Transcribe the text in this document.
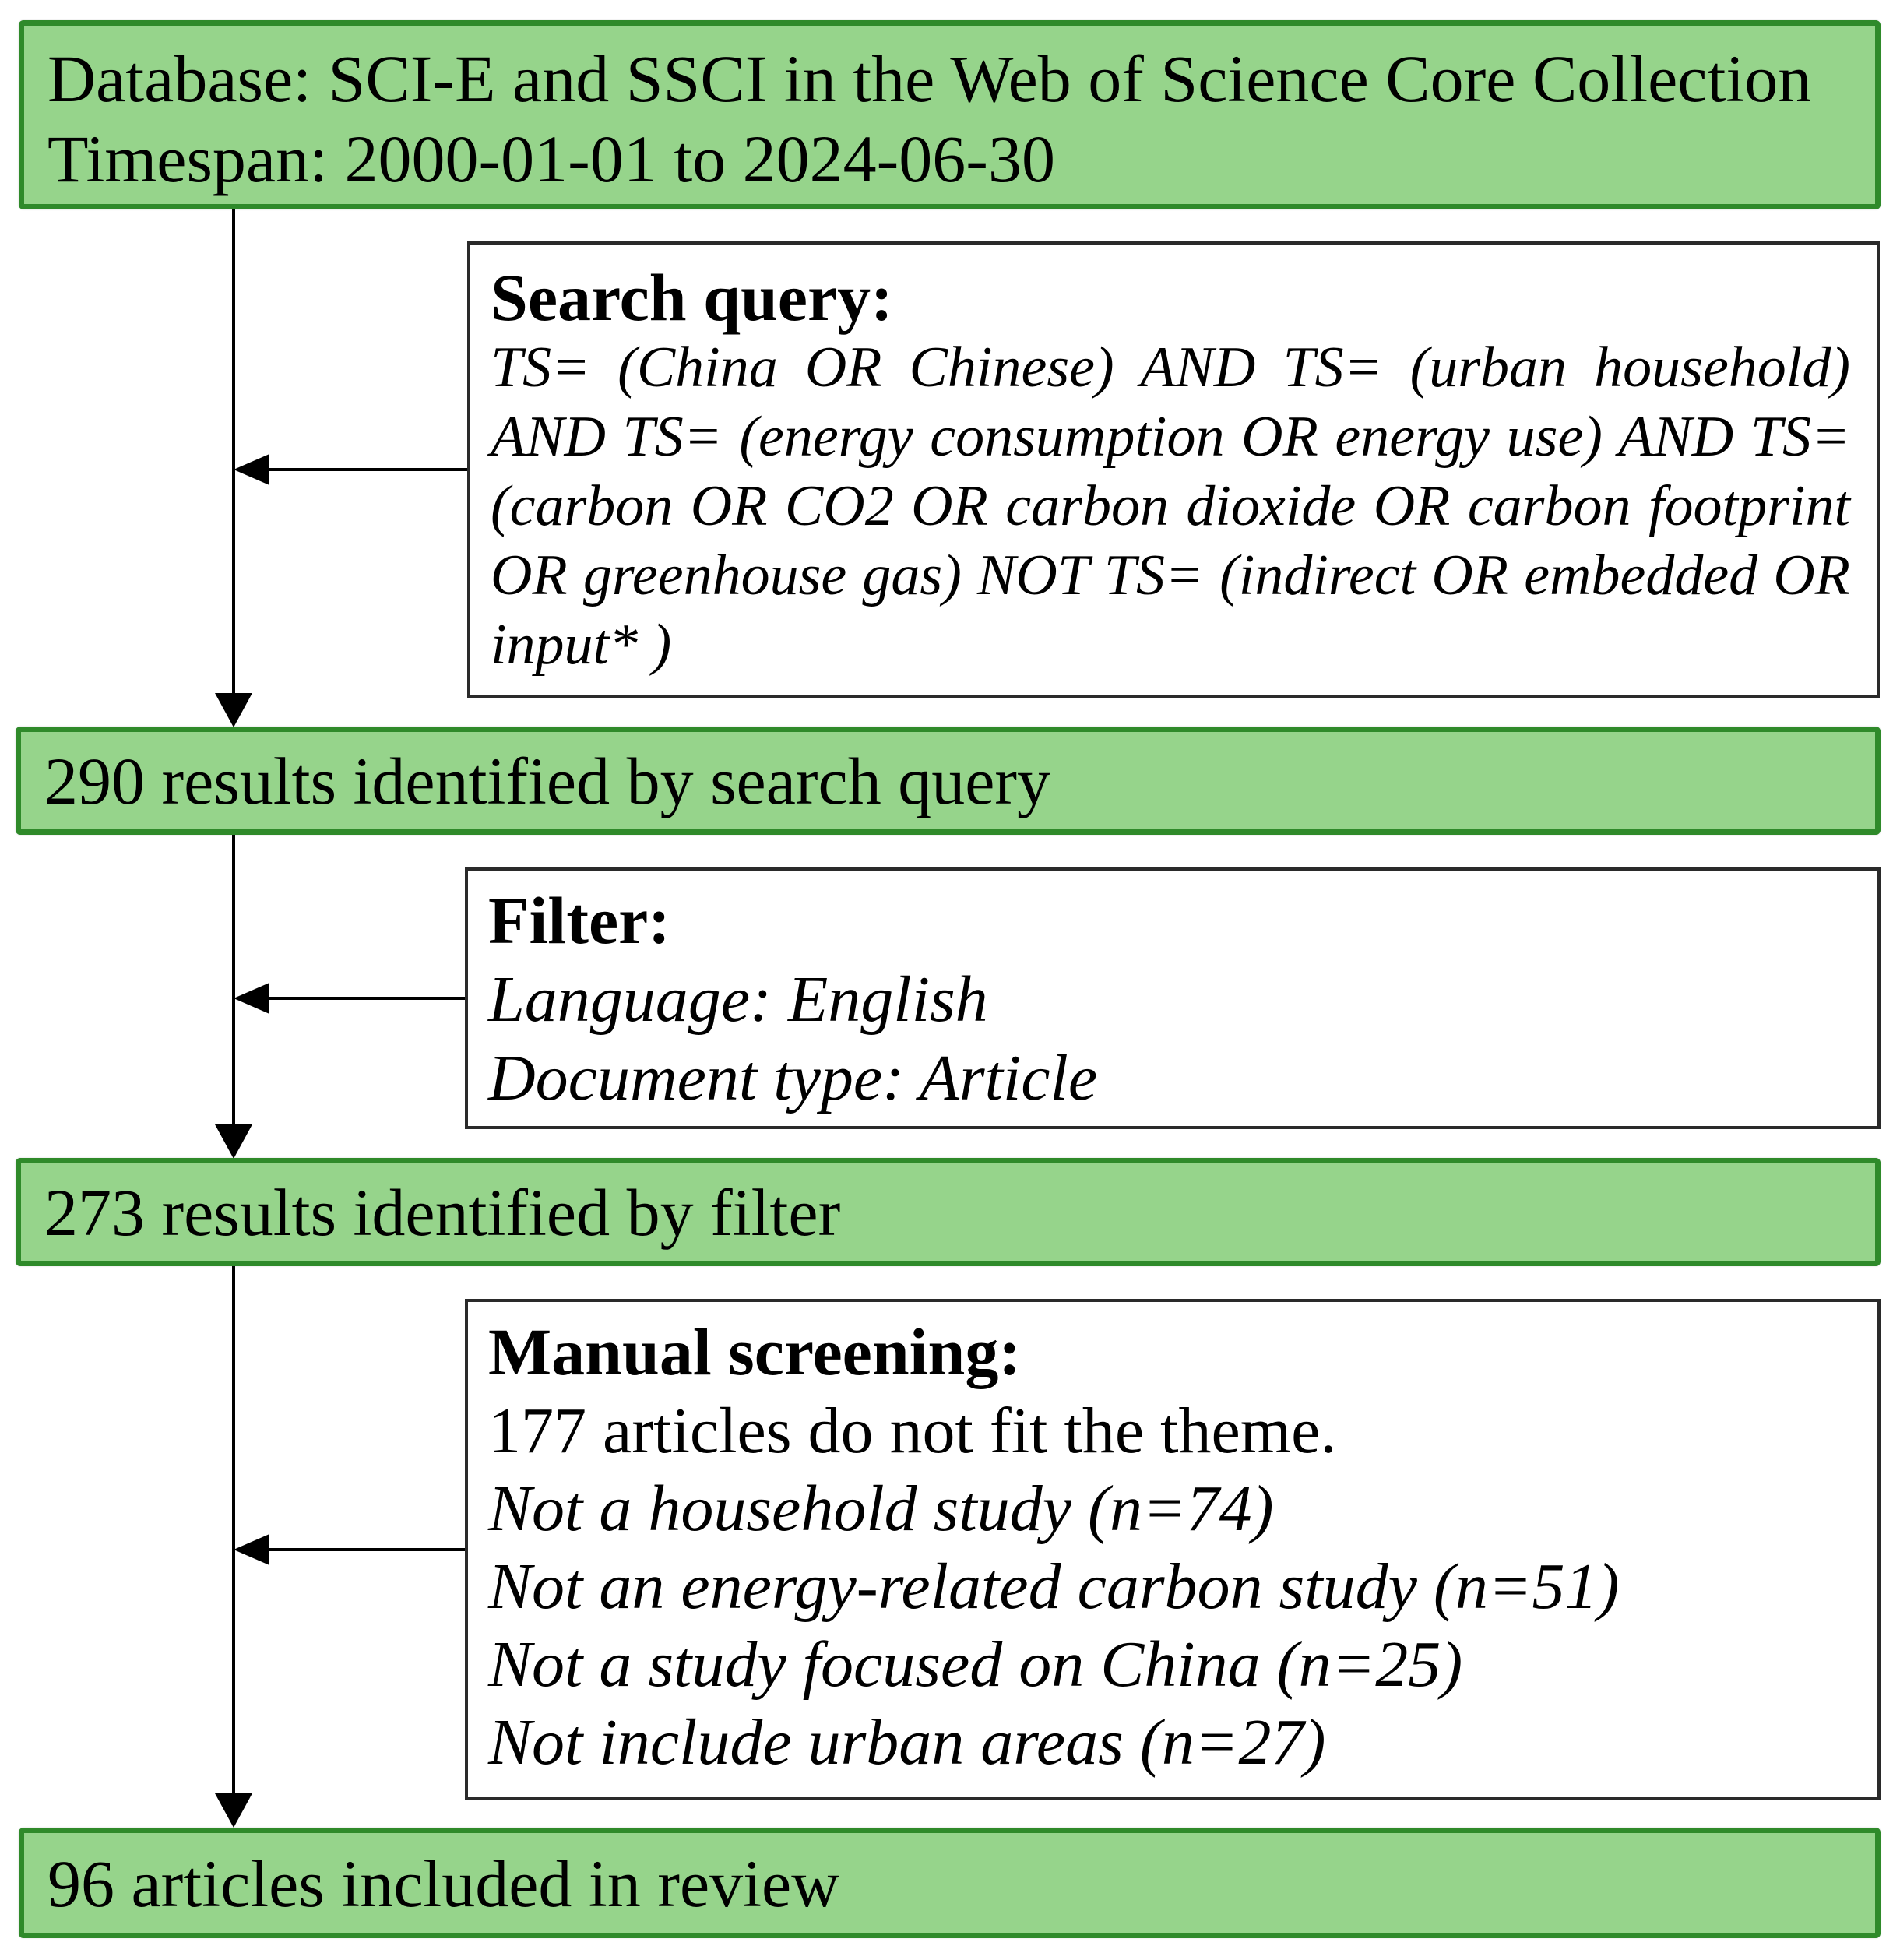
Database: SCI-E and SSCI in the Web of Science Core Collection
Timespan: 2000-01-01 to 2024-06-30
Search query:
TS= (China OR Chinese) AND TS= (urban household) AND TS= (energy consumption OR energy use) AND TS=(carbon OR CO2 OR carbon dioxide OR carbon footprint OR greenhouse gas) NOT TS= (indirect OR embedded OR input* )
290 results identified by search query
Filter:
Language: English
Document type: Article
273 results identified by filter
Manual screening:
177 articles do not fit the theme.
Not a household study (n=74)
Not an energy-related carbon study (n=51)
Not a study focused on China (n=25)
Not include urban areas (n=27)
96 articles included in review
